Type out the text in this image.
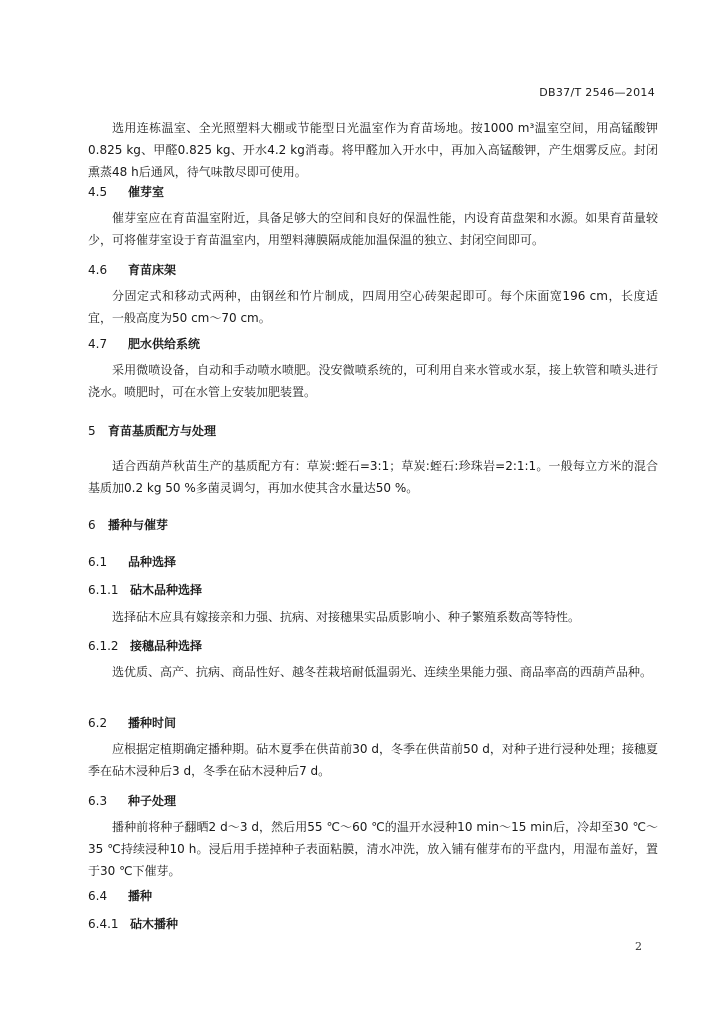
DB37/T 2546—2014

选用连栋温室、全光照塑料大棚或节能型日光温室作为育苗场地。按1000 m³温室空间，用高锰酸钾0.825 kg、甲醛0.825 kg、开水4.2 kg消毒。将甲醛加入开水中，再加入高锰酸钾，产生烟雾反应。封闭熏蒸48 h后通风，待气味散尽即可使用。

4.5 催芽室

催芽室应在育苗温室附近，具备足够大的空间和良好的保温性能，内设育苗盘架和水源。如果育苗量较少，可将催芽室设于育苗温室内，用塑料薄膜隔成能加温保温的独立、封闭空间即可。

4.6 育苗床架

分固定式和移动式两种，由钢丝和竹片制成，四周用空心砖架起即可。每个床面宽196 cm，长度适宜，一般高度为50 cm～70 cm。

4.7 肥水供给系统

采用微喷设备，自动和手动喷水喷肥。没安微喷系统的，可利用自来水管或水泵，接上软管和喷头进行浇水。喷肥时，可在水管上安装加肥装置。

5 育苗基质配方与处理

适合西葫芦秋苗生产的基质配方有：草炭:蛭石=3:1；草炭:蛭石:珍珠岩=2:1:1。一般每立方米的混合基质加0.2 kg 50 %多菌灵调匀，再加水使其含水量达50 %。

6 播种与催芽

6.1 品种选择

6.1.1 砧木品种选择

选择砧木应具有嫁接亲和力强、抗病、对接穗果实品质影响小、种子繁殖系数高等特性。

6.1.2 接穗品种选择

选优质、高产、抗病、商品性好、越冬茬栽培耐低温弱光、连续坐果能力强、商品率高的西葫芦品种。

6.2 播种时间

应根据定植期确定播种期。砧木夏季在供苗前30 d，冬季在供苗前50 d，对种子进行浸种处理；接穗夏季在砧木浸种后3 d，冬季在砧木浸种后7 d。

6.3 种子处理

播种前将种子翻晒2 d～3 d，然后用55 ℃～60 ℃的温开水浸种10 min～15 min后，冷却至30 ℃～35 ℃持续浸种10 h。浸后用手搓掉种子表面粘膜，清水冲洗，放入铺有催芽布的平盘内，用湿布盖好，置于30 ℃下催芽。

6.4 播种

6.4.1 砧木播种

2
